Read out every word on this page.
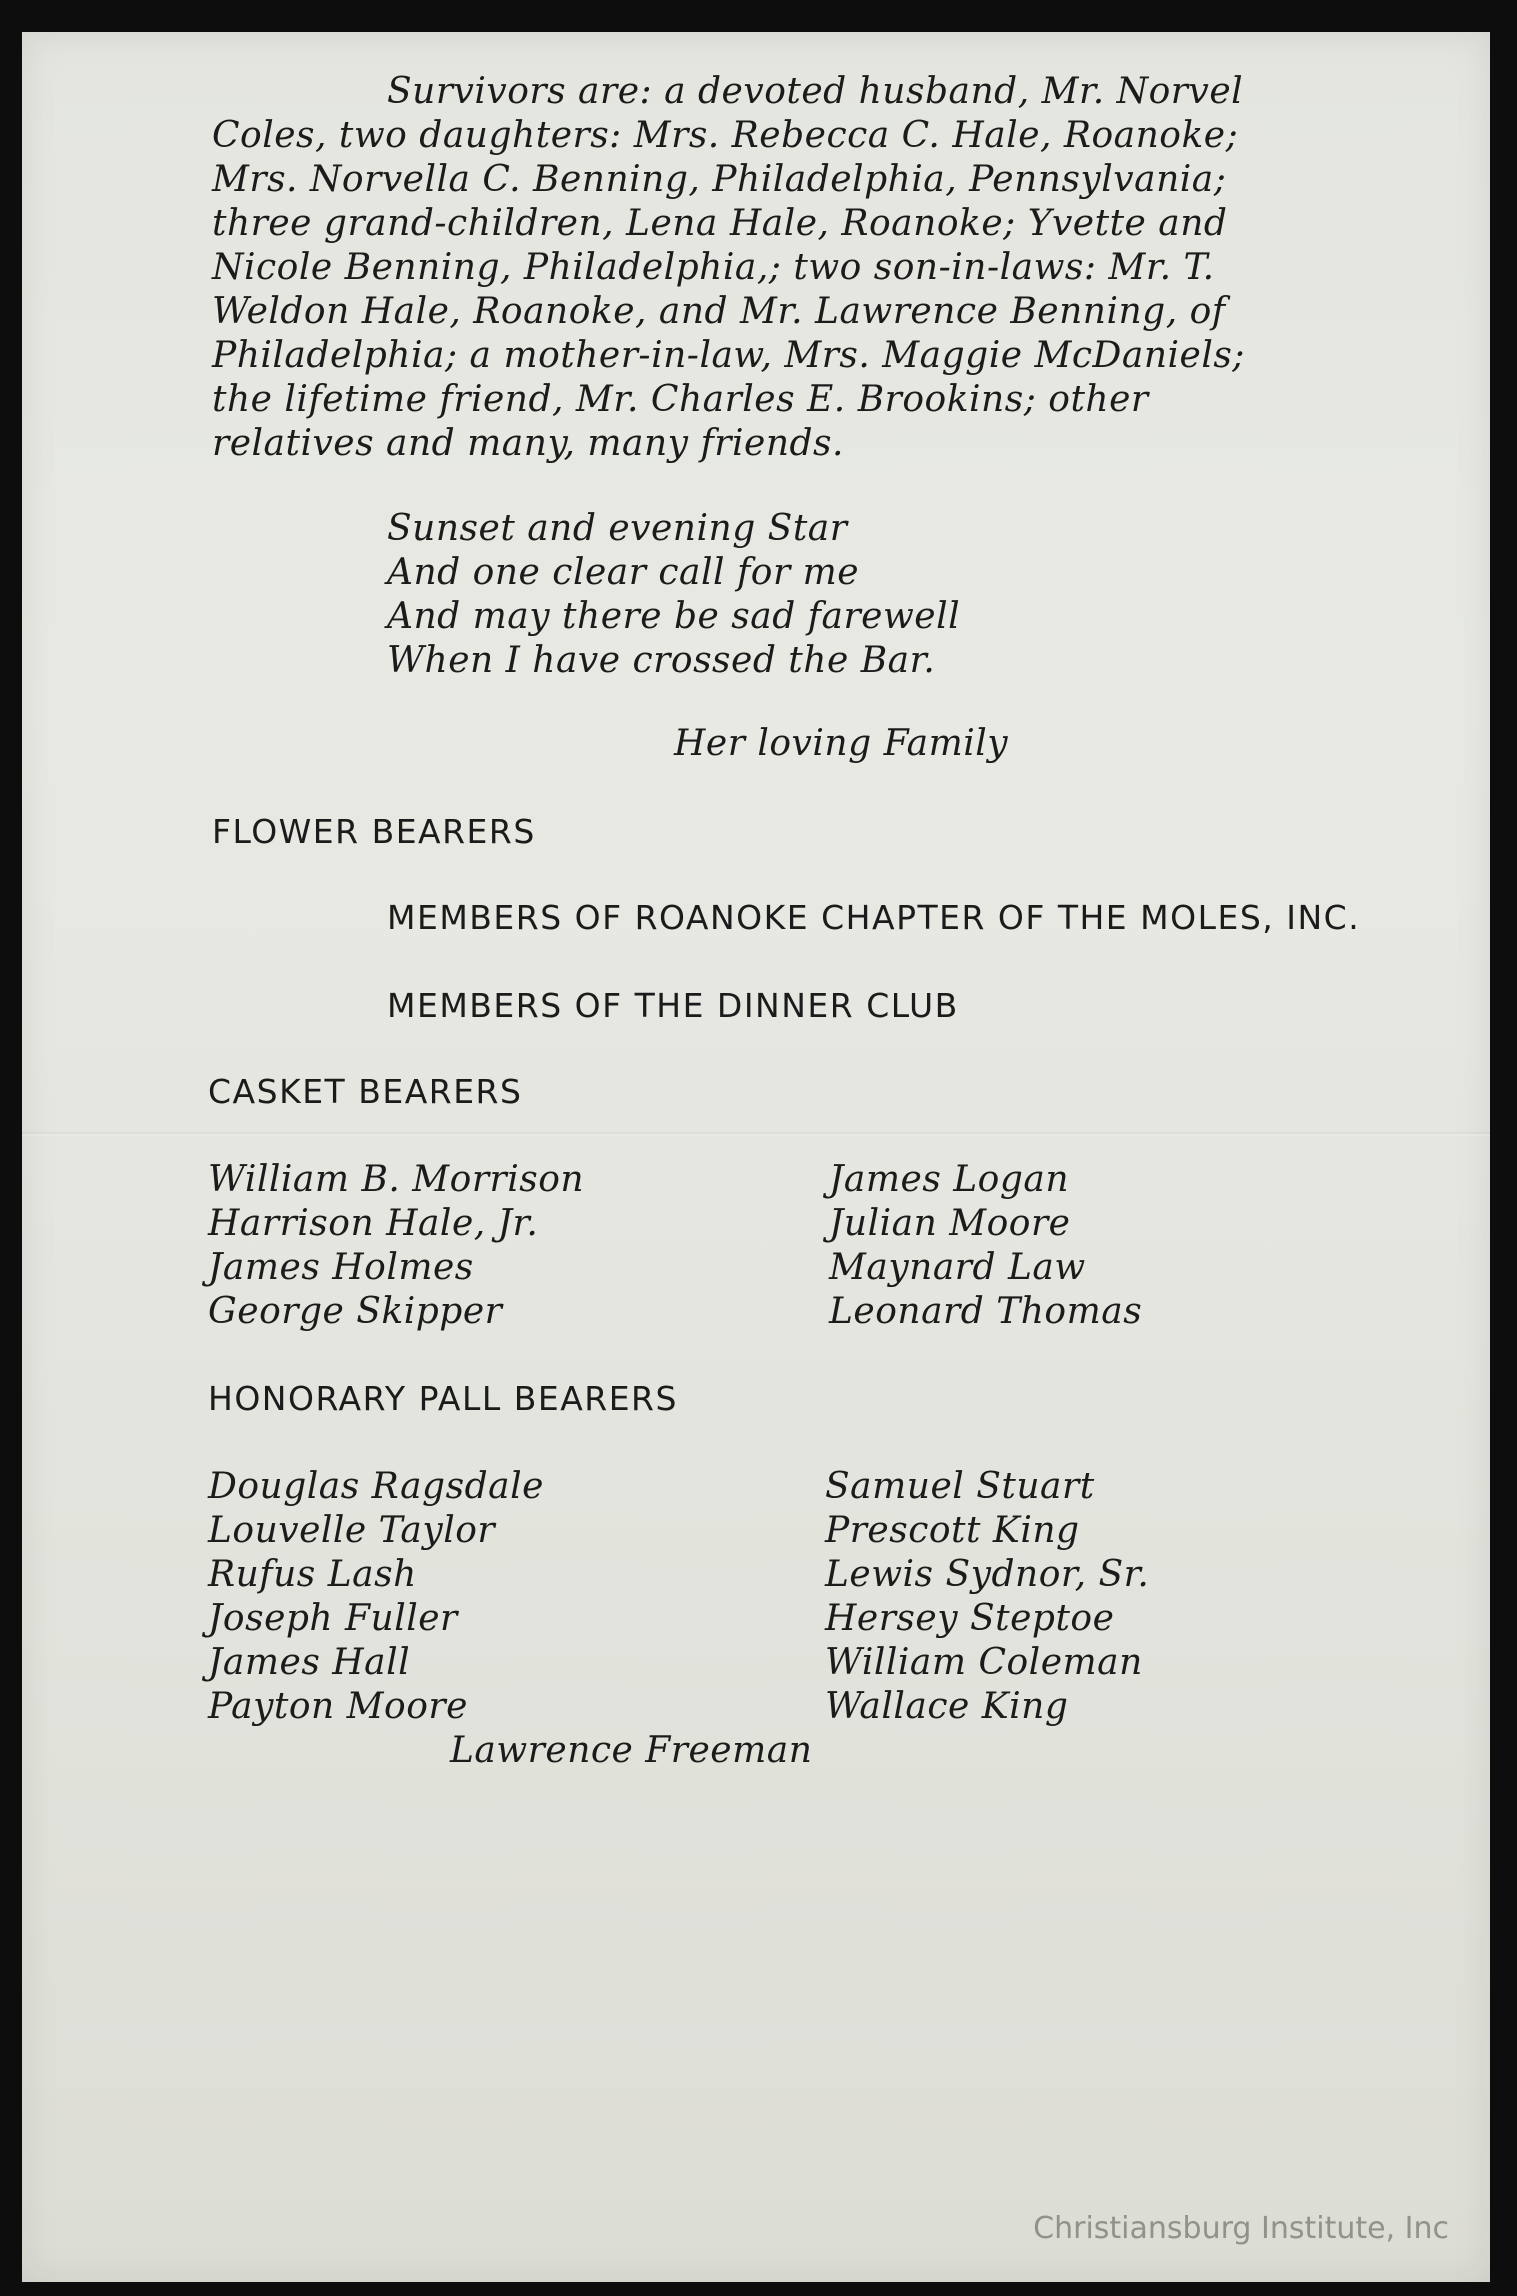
Survivors are: a devoted husband, Mr. Norvel
Coles, two daughters: Mrs. Rebecca C. Hale, Roanoke;
Mrs. Norvella C. Benning, Philadelphia, Pennsylvania;
three grand-children, Lena Hale, Roanoke; Yvette and
Nicole Benning, Philadelphia,; two son-in-laws: Mr. T.
Weldon Hale, Roanoke, and Mr. Lawrence Benning, of
Philadelphia; a mother-in-law, Mrs. Maggie McDaniels;
the lifetime friend, Mr. Charles E. Brookins; other
relatives and many, many friends.
Sunset and evening Star
And one clear call for me
And may there be sad farewell
When I have crossed the Bar.
Her loving Family
FLOWER BEARERS
MEMBERS OF ROANOKE CHAPTER OF THE MOLES, INC.
MEMBERS OF THE DINNER CLUB
CASKET BEARERS
William B. Morrison
Harrison Hale, Jr.
James Holmes
George Skipper
James Logan
Julian Moore
Maynard Law
Leonard Thomas
HONORARY PALL BEARERS
Douglas Ragsdale
Louvelle Taylor
Rufus Lash
Joseph Fuller
James Hall
Payton Moore
Samuel Stuart
Prescott King
Lewis Sydnor, Sr.
Hersey Steptoe
William Coleman
Wallace King
Lawrence Freeman
Christiansburg Institute, Inc
